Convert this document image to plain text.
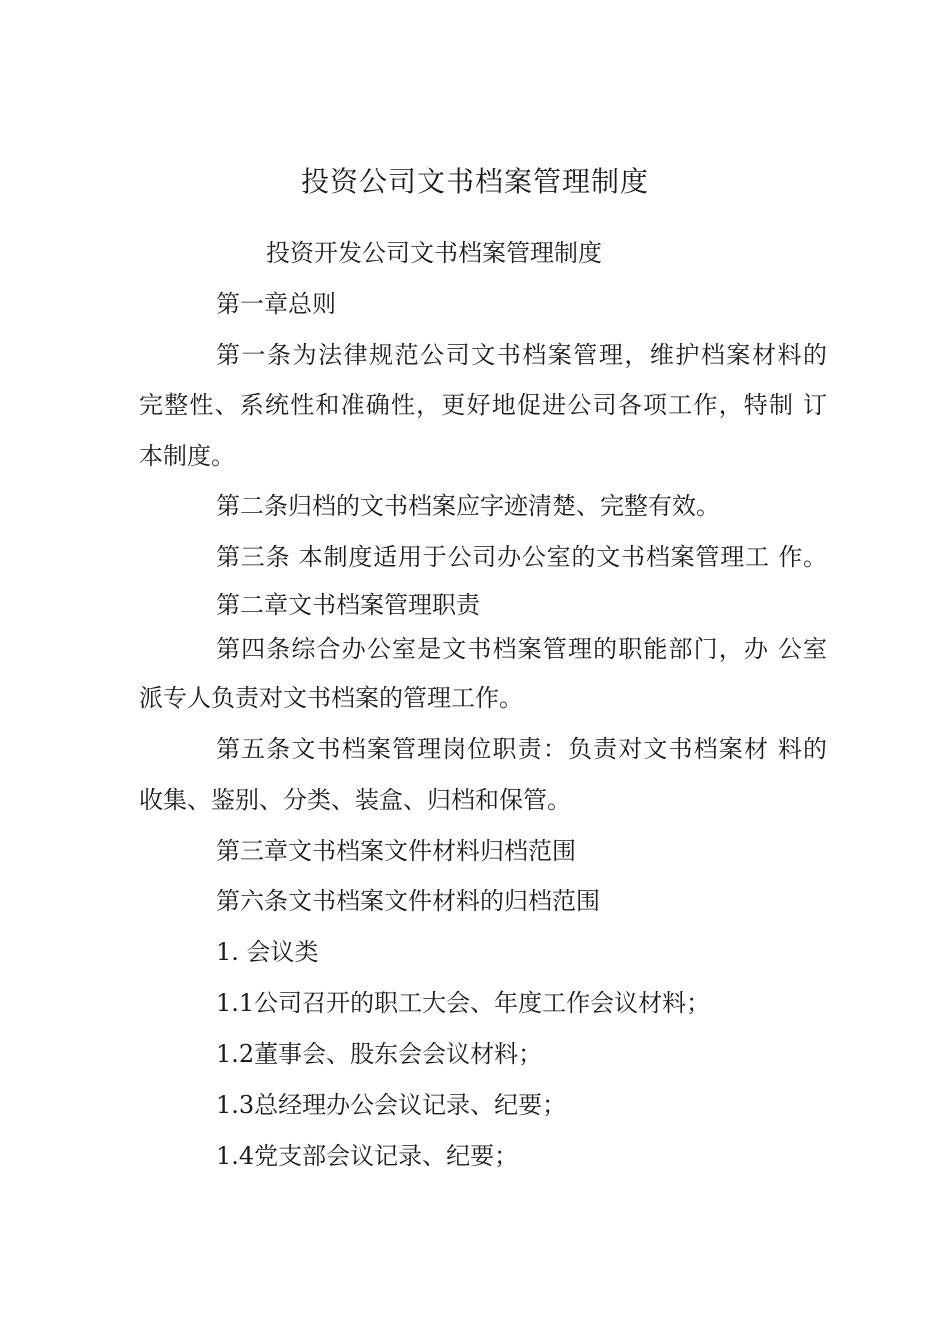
投资公司文书档案管理制度
投资开发公司文书档案管理制度
第一章总则
第一条为法律规范公司文书档案管理，维护档案材料的
完整性、系统性和准确性，更好地促进公司各项工作，特制 订
本制度。
第二条归档的文书档案应字迹清楚、完整有效。
第三条 本制度适用于公司办公室的文书档案管理工 作。
第二章文书档案管理职责
第四条综合办公室是文书档案管理的职能部门，办 公室
派专人负责对文书档案的管理工作。
第五条文书档案管理岗位职责：负责对文书档案材 料的
收集、鉴别、分类、装盒、归档和保管。
第三章文书档案文件材料归档范围
第六条文书档案文件材料的归档范围
1. 会议类
1.1公司召开的职工大会、年度工作会议材料；
1.2董事会、股东会会议材料；
1.3总经理办公会议记录、纪要；
1.4党支部会议记录、纪要；
